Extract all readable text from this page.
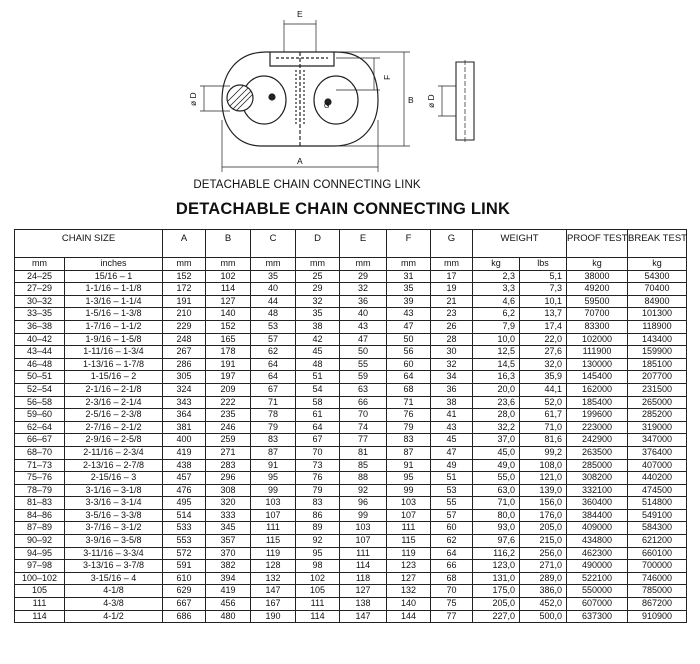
E
F
B
A
ø D
G	ø D
DETACHABLE CHAIN CONNECTING LINK
DETACHABLE CHAIN CONNECTING LINK
CHAIN SIZE		A	B	C	D	E	F	G	WEIGHT		PROOF TEST	BREAK TEST
mm	inches	mm	mm	mm	mm	mm	mm	mm	kg	lbs	kg	kg
24–25	15/16 – 1	152	102	35	25	29	31	17	2,3	5,1	38000	54300
27–29	1-1/16 – 1-1/8	172	114	40	29	32	35	19	3,3	7,3	49200	70400
30–32	1-3/16 – 1-1/4	191	127	44	32	36	39	21	4,6	10,1	59500	84900
33–35	1-5/16 – 1-3/8	210	140	48	35	40	43	23	6,2	13,7	70700	101300
36–38	1-7/16 – 1-1/2	229	152	53	38	43	47	26	7,9	17,4	83300	118900
40–42	1-9/16 – 1-5/8	248	165	57	42	47	50	28	10,0	22,0	102000	143400
43–44	1-11/16 – 1-3/4	267	178	62	45	50	56	30	12,5	27,6	111900	159900
46–48	1-13/16 – 1-7/8	286	191	64	48	55	60	32	14,5	32,0	130000	185100
50–51	1-15/16 – 2	305	197	64	51	59	64	34	16,3	35,9	145400	207700
52–54	2-1/16 – 2-1/8	324	209	67	54	63	68	36	20,0	44,1	162000	231500
56–58	2-3/16 – 2-1/4	343	222	71	58	66	71	38	23,6	52,0	185400	265000
59–60	2-5/16 – 2-3/8	364	235	78	61	70	76	41	28,0	61,7	199600	285200
62–64	2-7/16 – 2-1/2	381	246	79	64	74	79	43	32,2	71,0	223000	319000
66–67	2-9/16 – 2-5/8	400	259	83	67	77	83	45	37,0	81,6	242900	347000
68–70	2-11/16 – 2-3/4	419	271	87	70	81	87	47	45,0	99,2	263500	376400
71–73	2-13/16 – 2-7/8	438	283	91	73	85	91	49	49,0	108,0	285000	407000
75–76	2-15/16 – 3	457	296	95	76	88	95	51	55,0	121,0	308200	440200
78–79	3-1/16 – 3-1/8	476	308	99	79	92	99	53	63,0	139,0	332100	474500
81–83	3-3/16 – 3-1/4	495	320	103	83	96	103	55	71,0	156,0	360400	514800
84–86	3-5/16 – 3-3/8	514	333	107	86	99	107	57	80,0	176,0	384400	549100
87–89	3-7/16 – 3-1/2	533	345	111	89	103	111	60	93,0	205,0	409000	584300
90–92	3-9/16 – 3-5/8	553	357	115	92	107	115	62	97,6	215,0	434800	621200
94–95	3-11/16 – 3-3/4	572	370	119	95	111	119	64	116,2	256,0	462300	660100
97–98	3-13/16 – 3-7/8	591	382	128	98	114	123	66	123,0	271,0	490000	700000
100–102	3-15/16 – 4	610	394	132	102	118	127	68	131,0	289,0	522100	746000
105	4-1/8	629	419	147	105	127	132	70	175,0	386,0	550000	785000
111	4-3/8	667	456	167	111	138	140	75	205,0	452,0	607000	867200
114	4-1/2	686	480	190	114	147	144	77	227,0	500,0	637300	910900
